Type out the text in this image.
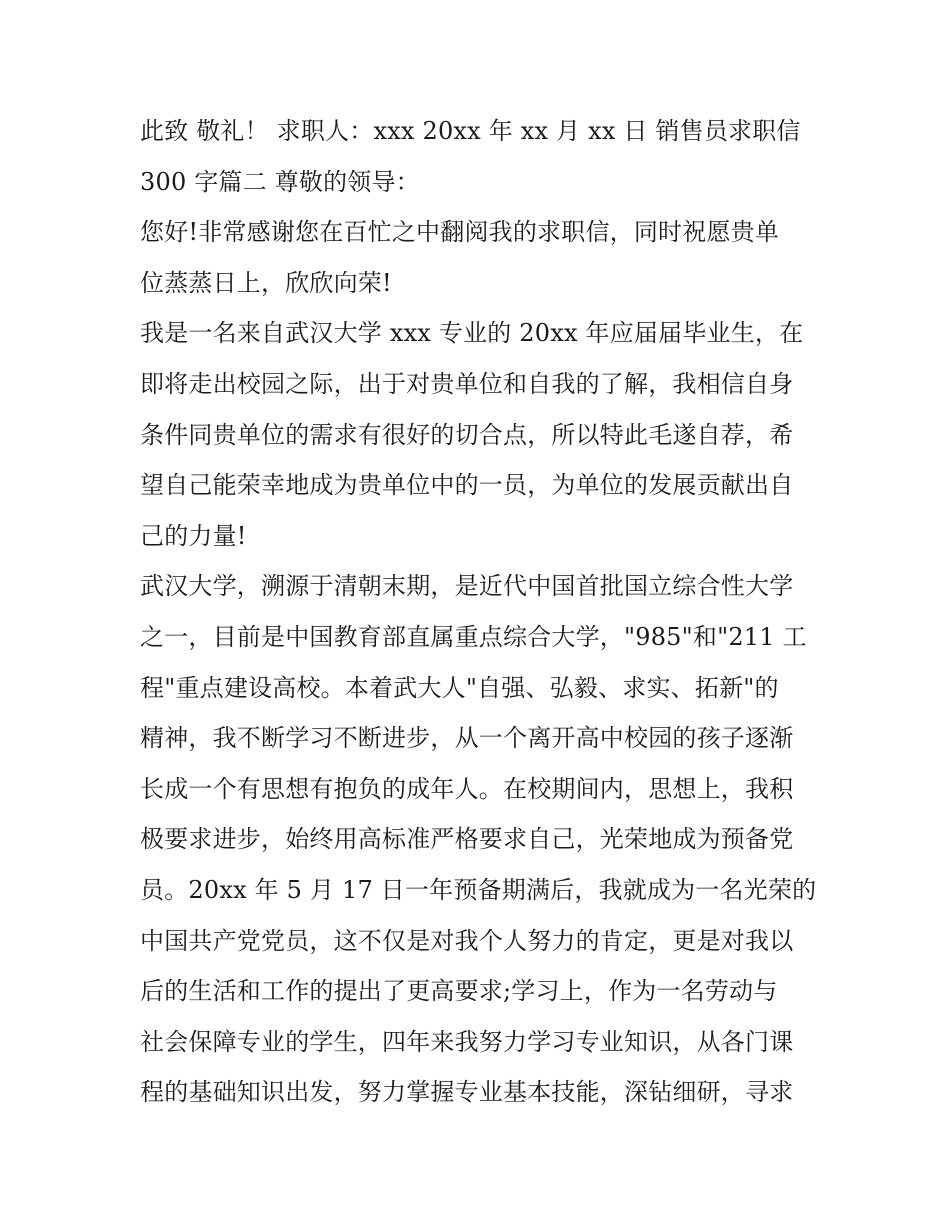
此致 敬礼！ 求职人：xxx 20xx 年 xx 月 xx 日 销售员求职信
300 字篇二 尊敬的领导：
您好!非常感谢您在百忙之中翻阅我的求职信，同时祝愿贵单
位蒸蒸日上，欣欣向荣!
我是一名来自武汉大学 xxx 专业的 20xx 年应届届毕业生，在
即将走出校园之际，出于对贵单位和自我的了解，我相信自身
条件同贵单位的需求有很好的切合点，所以特此毛遂自荐，希
望自己能荣幸地成为贵单位中的一员，为单位的发展贡献出自
己的力量!
武汉大学，溯源于清朝末期，是近代中国首批国立综合性大学
之一，目前是中国教育部直属重点综合大学，"985"和"211 工
程"重点建设高校。本着武大人"自强、弘毅、求实、拓新"的
精神，我不断学习不断进步，从一个离开高中校园的孩子逐渐
长成一个有思想有抱负的成年人。在校期间内，思想上，我积
极要求进步，始终用高标准严格要求自己，光荣地成为预备党
员。20xx 年 5 月 17 日一年预备期满后，我就成为一名光荣的
中国共产党党员，这不仅是对我个人努力的肯定，更是对我以
后的生活和工作的提出了更高要求;学习上，作为一名劳动与
社会保障专业的学生，四年来我努力学习专业知识，从各门课
程的基础知识出发，努力掌握专业基本技能，深钻细研，寻求
